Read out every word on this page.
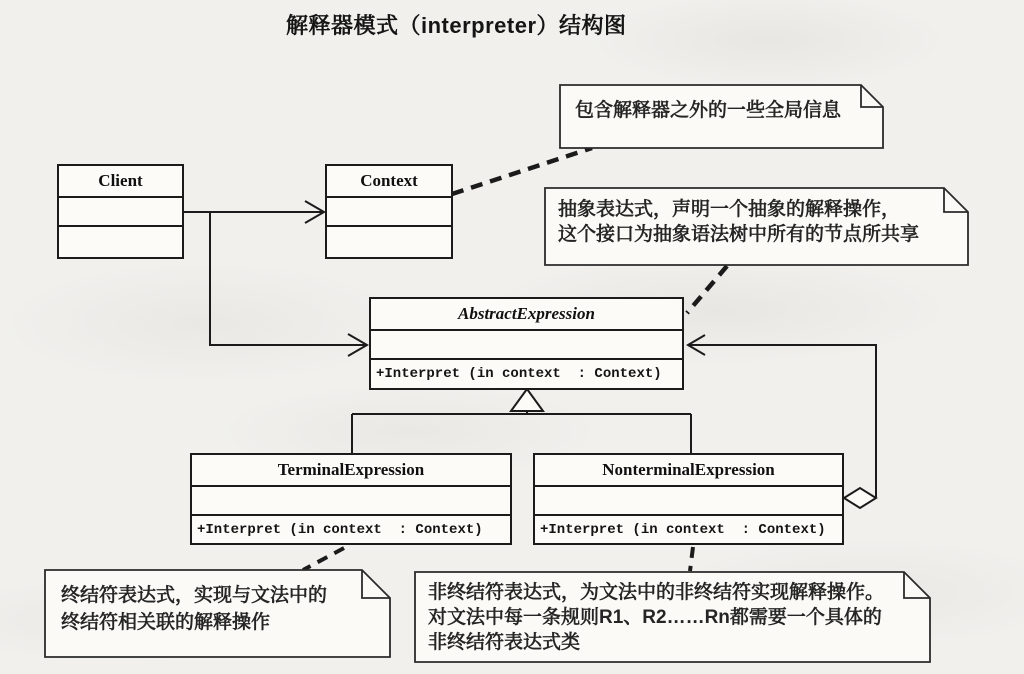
解释器模式（interpreter）结构图
Client	Context
AbstractExpression
+Interpret (in context  : Context)
TerminalExpression
+Interpret (in context  : Context)
NonterminalExpression
+Interpret (in context  : Context)
包含解释器之外的一些全局信息
抽象表达式，声明一个抽象的解释操作，
这个接口为抽象语法树中所有的节点所共享
终结符表达式，实现与文法中的
终结符相关联的解释操作
非终结符表达式，为文法中的非终结符实现解释操作。
对文法中每一条规则R1、R2……Rn都需要一个具体的
非终结符表达式类
